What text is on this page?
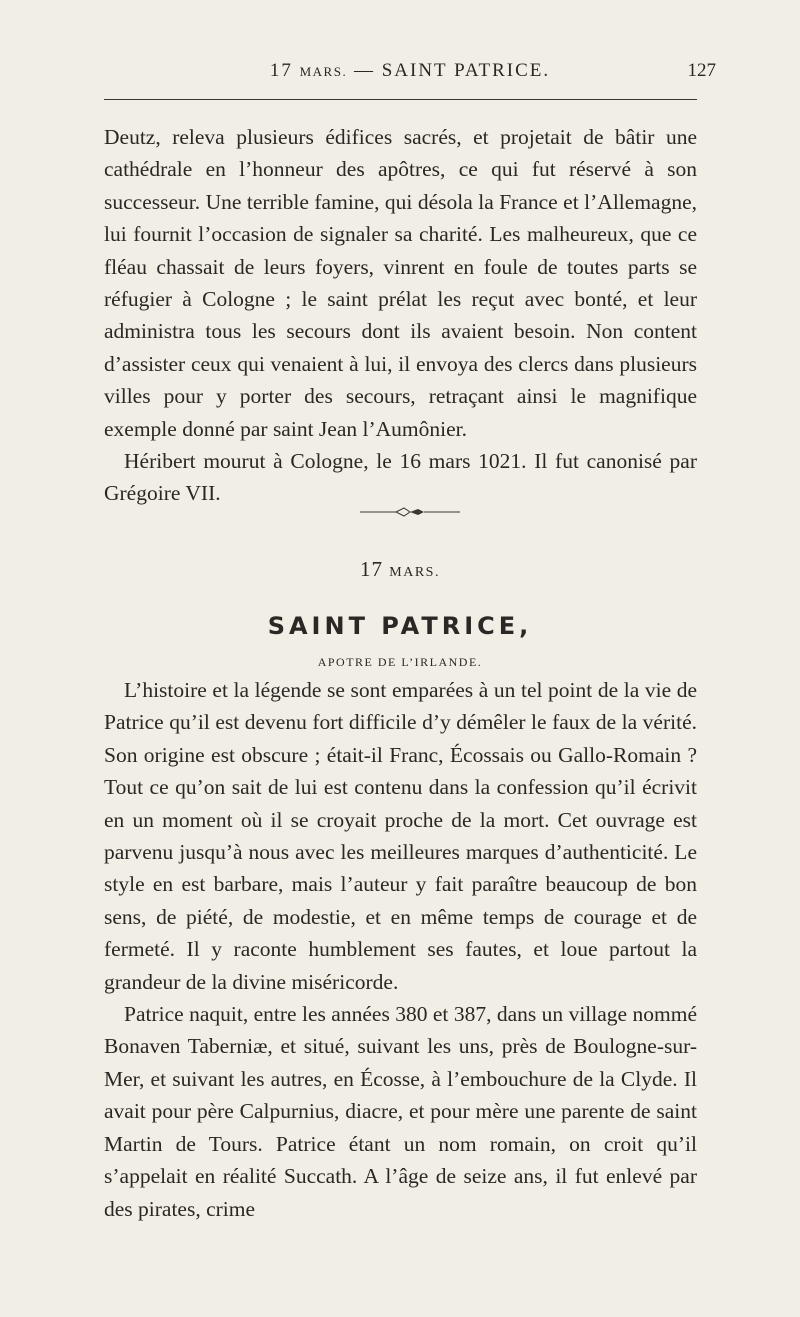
17 MARS. — SAINT PATRICE.	127

Deutz, releva plusieurs édifices sacrés, et projetait de bâtir une cathédrale en l’honneur des apôtres, ce qui fut réservé à son successeur. Une terrible famine, qui désola la France et l’Allemagne, lui fournit l’occasion de signaler sa charité. Les malheureux, que ce fléau chassait de leurs foyers, vinrent en foule de toutes parts se réfugier à Cologne ; le saint prélat les reçut avec bonté, et leur administra tous les secours dont ils avaient besoin. Non content d’assister ceux qui venaient à lui, il envoya des clercs dans plusieurs villes pour y porter des secours, retraçant ainsi le magnifique exemple donné par saint Jean l’Aumônier.

Héribert mourut à Cologne, le 16 mars 1021. Il fut canonisé par Grégoire VII.

17 MARS.
SAINT PATRICE,
APOTRE DE L’IRLANDE.

L’histoire et la légende se sont emparées à un tel point de la vie de Patrice qu’il est devenu fort difficile d’y démêler le faux de la vérité. Son origine est obscure ; était-il Franc, Écossais ou Gallo-Romain ? Tout ce qu’on sait de lui est contenu dans la confession qu’il écrivit en un moment où il se croyait proche de la mort. Cet ouvrage est parvenu jusqu’à nous avec les meilleures marques d’authenticité. Le style en est barbare, mais l’auteur y fait paraître beaucoup de bon sens, de piété, de modestie, et en même temps de courage et de fermeté. Il y raconte humblement ses fautes, et loue partout la grandeur de la divine miséricorde.

Patrice naquit, entre les années 380 et 387, dans un village nommé Bonaven Taberniæ, et situé, suivant les uns, près de Boulogne-sur-Mer, et suivant les autres, en Écosse, à l’embouchure de la Clyde. Il avait pour père Calpurnius, diacre, et pour mère une parente de saint Martin de Tours. Patrice étant un nom romain, on croit qu’il s’appelait en réalité Succath. A l’âge de seize ans, il fut enlevé par des pirates, crime
